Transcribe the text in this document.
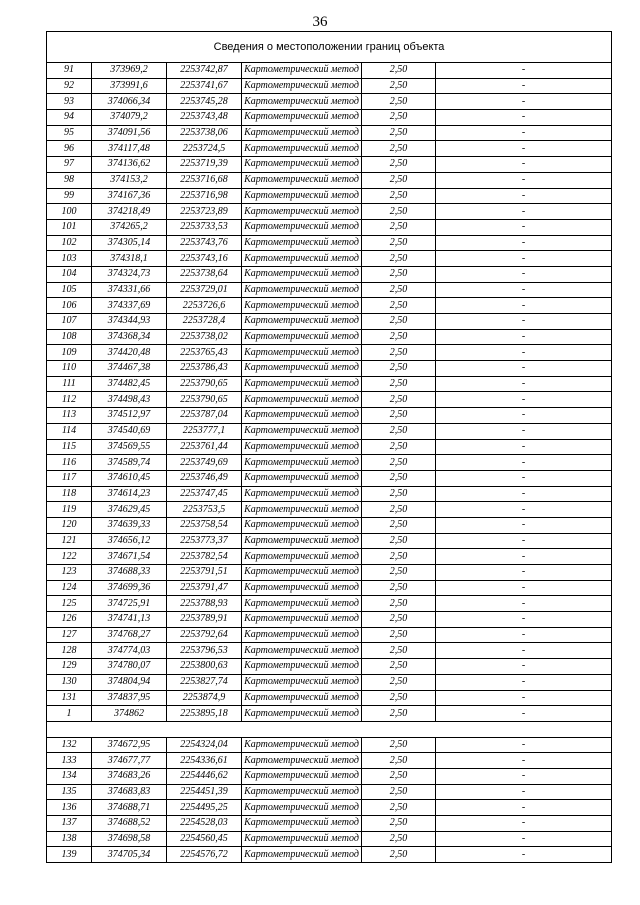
36
Сведения о местоположении границ объекта					
91	373969,2	2253742,87	Картометрический метод	2,50	-
92	373991,6	2253741,67	Картометрический метод	2,50	-
93	374066,34	2253745,28	Картометрический метод	2,50	-
94	374079,2	2253743,48	Картометрический метод	2,50	-
95	374091,56	2253738,06	Картометрический метод	2,50	-
96	374117,48	2253724,5	Картометрический метод	2,50	-
97	374136,62	2253719,39	Картометрический метод	2,50	-
98	374153,2	2253716,68	Картометрический метод	2,50	-
99	374167,36	2253716,98	Картометрический метод	2,50	-
100	374218,49	2253723,89	Картометрический метод	2,50	-
101	374265,2	2253733,53	Картометрический метод	2,50	-
102	374305,14	2253743,76	Картометрический метод	2,50	-
103	374318,1	2253743,16	Картометрический метод	2,50	-
104	374324,73	2253738,64	Картометрический метод	2,50	-
105	374331,66	2253729,01	Картометрический метод	2,50	-
106	374337,69	2253726,6	Картометрический метод	2,50	-
107	374344,93	2253728,4	Картометрический метод	2,50	-
108	374368,34	2253738,02	Картометрический метод	2,50	-
109	374420,48	2253765,43	Картометрический метод	2,50	-
110	374467,38	2253786,43	Картометрический метод	2,50	-
111	374482,45	2253790,65	Картометрический метод	2,50	-
112	374498,43	2253790,65	Картометрический метод	2,50	-
113	374512,97	2253787,04	Картометрический метод	2,50	-
114	374540,69	2253777,1	Картометрический метод	2,50	-
115	374569,55	2253761,44	Картометрический метод	2,50	-
116	374589,74	2253749,69	Картометрический метод	2,50	-
117	374610,45	2253746,49	Картометрический метод	2,50	-
118	374614,23	2253747,45	Картометрический метод	2,50	-
119	374629,45	2253753,5	Картометрический метод	2,50	-
120	374639,33	2253758,54	Картометрический метод	2,50	-
121	374656,12	2253773,37	Картометрический метод	2,50	-
122	374671,54	2253782,54	Картометрический метод	2,50	-
123	374688,33	2253791,51	Картометрический метод	2,50	-
124	374699,36	2253791,47	Картометрический метод	2,50	-
125	374725,91	2253788,93	Картометрический метод	2,50	-
126	374741,13	2253789,91	Картометрический метод	2,50	-
127	374768,27	2253792,64	Картометрический метод	2,50	-
128	374774,03	2253796,53	Картометрический метод	2,50	-
129	374780,07	2253800,63	Картометрический метод	2,50	-
130	374804,94	2253827,74	Картометрический метод	2,50	-
131	374837,95	2253874,9	Картометрический метод	2,50	-
1	374862	2253895,18	Картометрический метод	2,50	-

132	374672,95	2254324,04	Картометрический метод	2,50	-
133	374677,77	2254336,61	Картометрический метод	2,50	-
134	374683,26	2254446,62	Картометрический метод	2,50	-
135	374683,83	2254451,39	Картометрический метод	2,50	-
136	374688,71	2254495,25	Картометрический метод	2,50	-
137	374688,52	2254528,03	Картометрический метод	2,50	-
138	374698,58	2254560,45	Картометрический метод	2,50	-
139	374705,34	2254576,72	Картометрический метод	2,50	-
